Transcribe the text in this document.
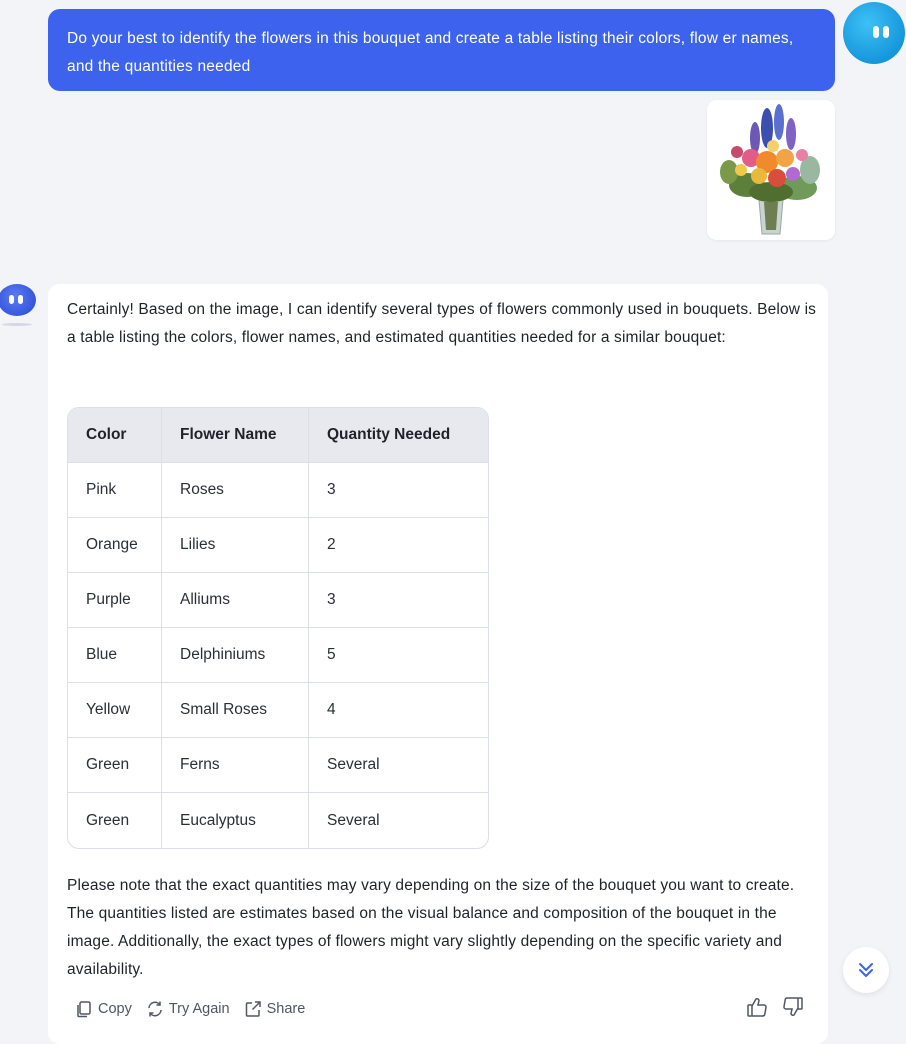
Do your best to identify the flowers in this bouquet and create a table listing their colors, flow er names, and the quantities needed
Certainly! Based on the image, I can identify several types of flowers commonly used in bouquets. Below is a table listing the colors, flower names, and estimated quantities needed for a similar bouquet:
Color	Flower Name	Quantity Needed
Pink	Roses	3
Orange	Lilies	2
Purple	Alliums	3
Blue	Delphiniums	5
Yellow	Small Roses	4
Green	Ferns	Several
Green	Eucalyptus	Several
Please note that the exact quantities may vary depending on the size of the bouquet you want to create. The quantities listed are estimates based on the visual balance and composition of the bouquet in the image. Additionally, the exact types of flowers might vary slightly depending on the specific variety and availability.
Copy	Try Again	Share
